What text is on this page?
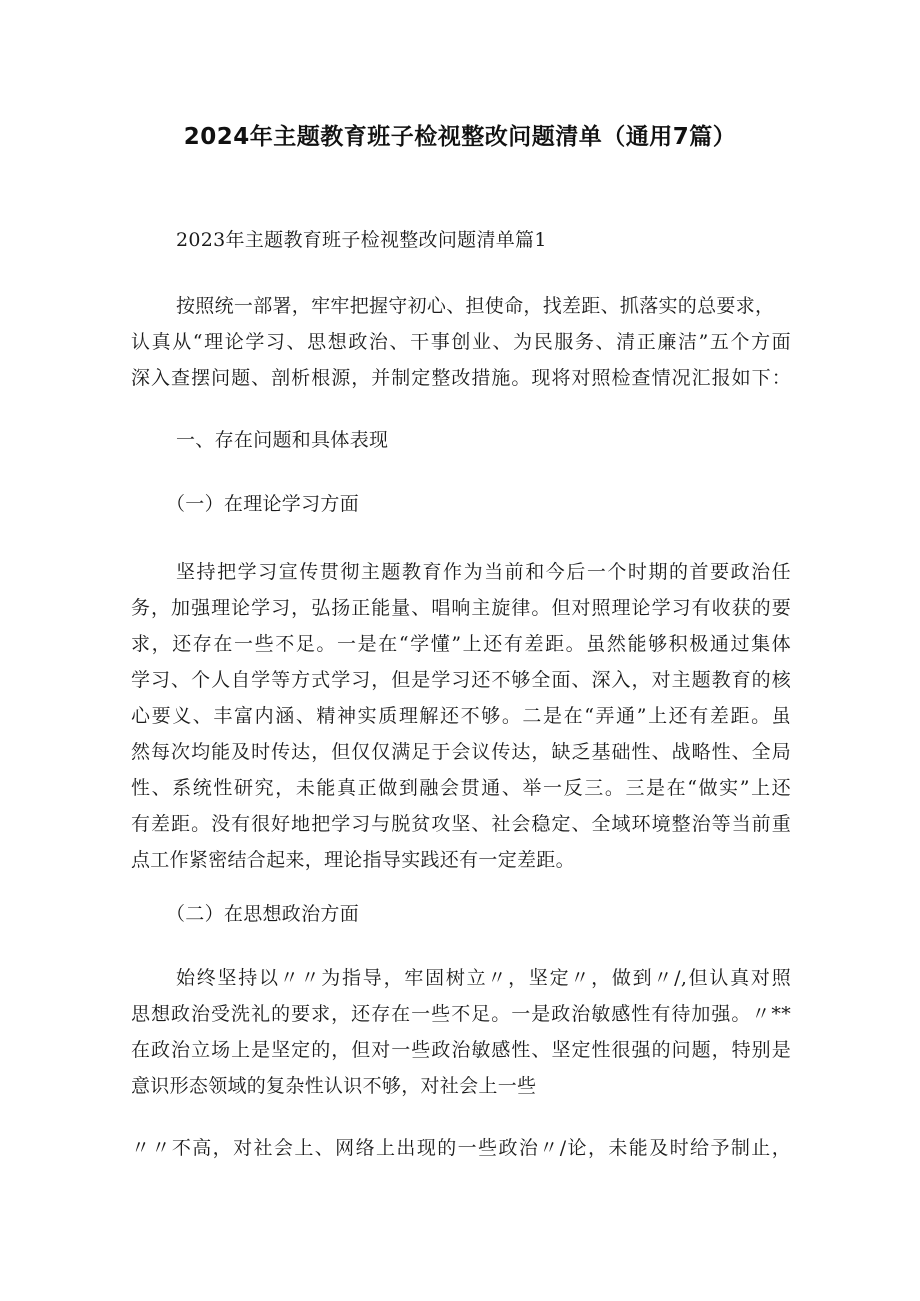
2024年主题教育班子检视整改问题清单（通用7篇）
2023年主题教育班子检视整改问题清单篇1
按照统一部署，牢牢把握守初心、担使命，找差距、抓落实的总要求，
认真从“理论学习、思想政治、干事创业、为民服务、清正廉洁”五个方面
深入查摆问题、剖析根源，并制定整改措施。现将对照检查情况汇报如下：
一、存在问题和具体表现
（一）在理论学习方面
坚持把学习宣传贯彻主题教育作为当前和今后一个时期的首要政治任
务，加强理论学习，弘扬正能量、唱响主旋律。但对照理论学习有收获的要
求，还存在一些不足。一是在“学懂”上还有差距。虽然能够积极通过集体
学习、个人自学等方式学习，但是学习还不够全面、深入，对主题教育的核
心要义、丰富内涵、精神实质理解还不够。二是在“弄通”上还有差距。虽
然每次均能及时传达，但仅仅满足于会议传达，缺乏基础性、战略性、全局
性、系统性研究，未能真正做到融会贯通、举一反三。三是在“做实”上还
有差距。没有很好地把学习与脱贫攻坚、社会稳定、全域环境整治等当前重
点工作紧密结合起来，理论指导实践还有一定差距。
（二）在思想政治方面
始终坚持以〃〃为指导，牢固树立〃，坚定〃，做到〃/,但认真对照
思想政治受洗礼的要求，还存在一些不足。一是政治敏感性有待加强。〃**
在政治立场上是坚定的，但对一些政治敏感性、坚定性很强的问题，特别是
意识形态领域的复杂性认识不够，对社会上一些
〃〃不高，对社会上、网络上出现的一些政治〃/论，未能及时给予制止，
